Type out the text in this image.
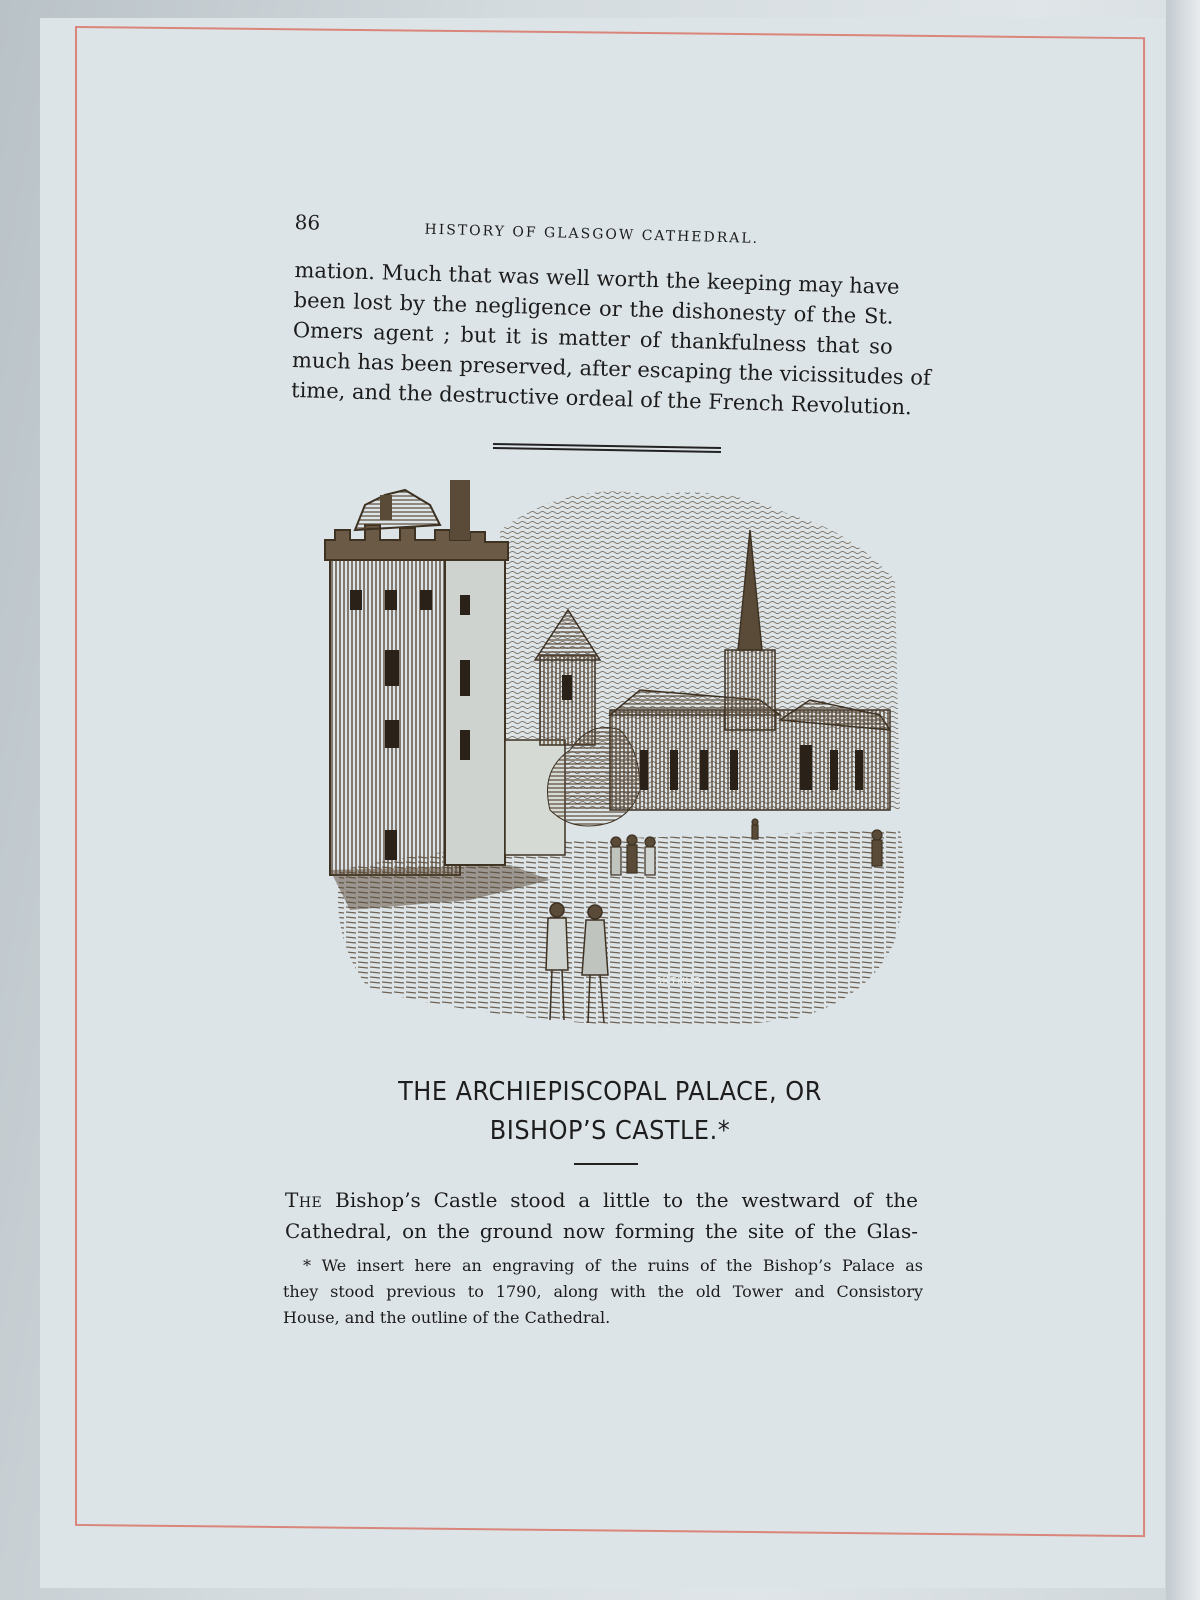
86	HISTORY OF GLASGOW CATHEDRAL.
mation. Much that was well worth the keeping may have
been lost by the negligence or the dishonesty of the St.
Omers agent ; but it is matter of thankfulness that so
much has been preserved, after escaping the vicissitudes of
time, and the destructive ordeal of the French Revolution.
SKTHUS
THE ARCHIEPISCOPAL PALACE, OR
BISHOP’S CASTLE.*
The Bishop’s Castle stood a little to the westward of the
Cathedral, on the ground now forming the site of the Glas-
* We insert here an engraving of the ruins of the Bishop’s Palace as
they stood previous to 1790, along with the old Tower and Consistory
House, and the outline of the Cathedral.
